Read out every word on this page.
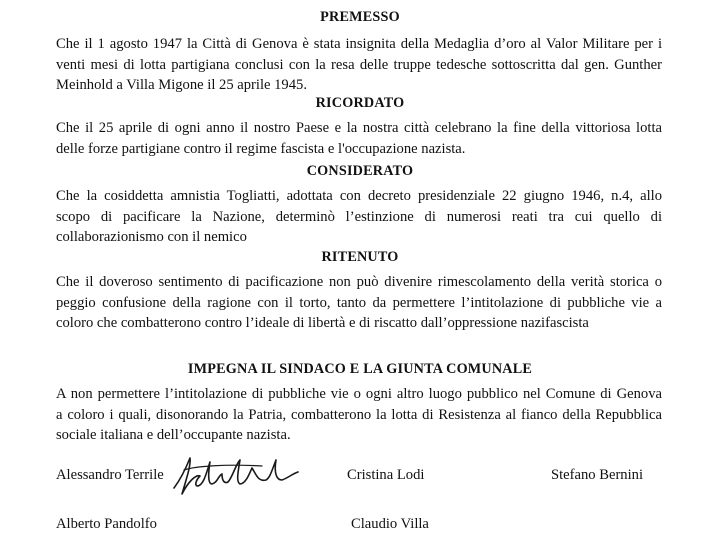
PREMESSO
Che il 1 agosto 1947 la Città di Genova è stata insignita della Medaglia d’oro al Valor Militare per i
venti mesi di lotta partigiana conclusi con la resa delle truppe tedesche sottoscritta dal gen. Gunther
Meinhold a Villa Migone il 25 aprile 1945.
RICORDATO
Che il 25 aprile di ogni anno il nostro Paese e la nostra città celebrano la fine della vittoriosa lotta
delle forze partigiane contro il regime fascista e l'occupazione nazista.
CONSIDERATO
Che la cosiddetta amnistia Togliatti, adottata con decreto presidenziale 22 giugno 1946, n.4, allo
scopo di pacificare la Nazione, determinò l’estinzione di numerosi reati tra cui quello di
collaborazionismo con il nemico
RITENUTO
Che il doveroso sentimento di pacificazione non può divenire rimescolamento della verità storica o
peggio confusione della ragione con il torto, tanto da permettere l’intitolazione di pubbliche vie a
coloro che combatterono contro l’ideale di libertà e di riscatto dall’oppressione nazifascista
IMPEGNA IL SINDACO E LA GIUNTA COMUNALE
A non permettere l’intitolazione di pubbliche vie o ogni altro luogo pubblico nel Comune di Genova
a coloro i quali, disonorando la Patria, combatterono la lotta di Resistenza al fianco della Repubblica
sociale italiana e dell’occupante nazista.
Alessandro Terrile	Cristina Lodi	Stefano Bernini
Alberto Pandolfo	Claudio Villa
